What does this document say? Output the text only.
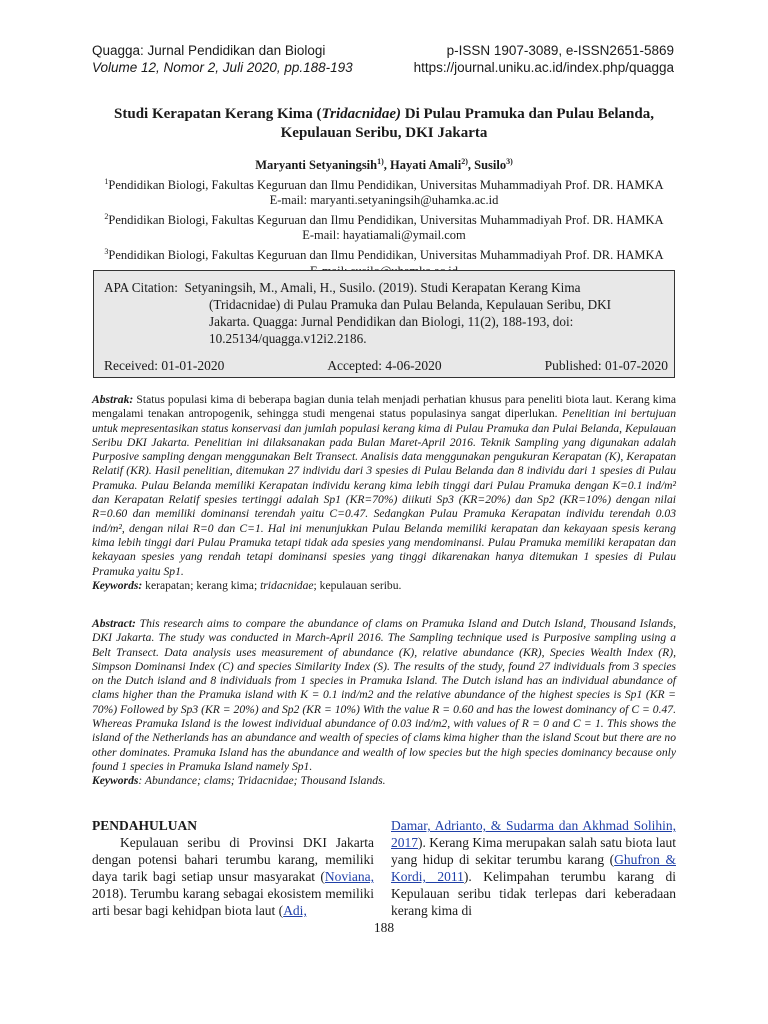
Quagga: Jurnal Pendidikan dan Biologi
Volume 12, Nomor 2, Juli 2020, pp.188-193
p-ISSN 1907-3089, e-ISSN2651-5869
https://journal.uniku.ac.id/index.php/quagga
Studi Kerapatan Kerang Kima (Tridacnidae) Di Pulau Pramuka dan Pulau Belanda,
Kepulauan Seribu, DKI Jakarta
Maryanti Setyaningsih$^{1)}$, Hayati Amali$^{2)}$, Susilo$^{3)}$
$^1$Pendidikan Biologi, Fakultas Keguruan dan Ilmu Pendidikan, Universitas Muhammadiyah Prof. DR. HAMKA
E-mail: maryanti.setyaningsih@uhamka.ac.id
$^2$Pendidikan Biologi, Fakultas Keguruan dan Ilmu Pendidikan, Universitas Muhammadiyah Prof. DR. HAMKA
E-mail: hayatiamali@ymail.com
$^3$Pendidikan Biologi, Fakultas Keguruan dan Ilmu Pendidikan, Universitas Muhammadiyah Prof. DR. HAMKA
APA Citation: Setyaningsih, M., Amali, H., Susilo. (2019). Studi Kerapatan Kerang Kima
(Tridacnidae) di Pulau Pramuka dan Pulau Belanda, Kepulauan Seribu, DKI
Jakarta. Quagga: Jurnal Pendidikan dan Biologi, 11(2), 188-193, doi:
10.25134/quagga.v12i2.2186.
Received: 01-01-2020	Accepted: 4-06-2020	Published: 01-07-2020
Abstrak: Status populasi kima di beberapa bagian dunia telah menjadi perhatian khusus para peneliti biota laut. Kerang kima mengalami tenakan antropogenik, sehingga studi mengenai status populasinya sangat diperlukan. Penelitian ini bertujuan untuk mepresentasikan status konservasi dan jumlah populasi kerang kima di Pulau Pramuka dan Pulai Belanda, Kepulauan Seribu DKI Jakarta. Penelitian ini dilaksanakan pada Bulan Maret-April 2016. Teknik Sampling yang digunakan adalah Purposive sampling dengan menggunakan Belt Transect. Analisis data menggunakan pengukuran Kerapatan (K), Kerapatan Relatif (KR). Hasil penelitian, ditemukan 27 individu dari 3 spesies di Pulau Belanda dan 8 individu dari 1 spesies di Pulau Pramuka. Pulau Belanda memiliki Kerapatan individu kerang kima lebih tinggi dari Pulau Pramuka dengan K=0.1 ind/m² dan Kerapatan Relatif spesies tertinggi adalah Sp1 (KR=70%) diikuti Sp3 (KR=20%) dan Sp2 (KR=10%) dengan nilai R=0.60 dan memiliki dominansi terendah yaitu C=0.47. Sedangkan Pulau Pramuka Kerapatan individu terendah 0.03 ind/m², dengan nilai R=0 dan C=1. Hal ini menunjukkan Pulau Belanda memiliki kerapatan dan kekayaan spesis kerang kima lebih tinggi dari Pulau Pramuka tetapi tidak ada spesies yang mendominansi. Pulau Pramuka memiliki kerapatan dan kekayaan spesies yang rendah tetapi dominansi spesies yang tinggi dikarenakan hanya ditemukan 1 spesies di Pulau Pramuka yaitu Sp1.
Keywords: kerapatan; kerang kima; tridacnidae; kepulauan seribu.
Abstract: This research aims to compare the abundance of clams on Pramuka Island and Dutch Island, Thousand Islands, DKI Jakarta. The study was conducted in March-April 2016. The Sampling technique used is Purposive sampling using a Belt Transect. Data analysis uses measurement of abundance (K), relative abundance (KR), Species Wealth Index (R), Simpson Dominansi Index (C) and species Similarity Index (S). The results of the study, found 27 individuals from 3 species on the Dutch island and 8 individuals from 1 species in Pramuka Island. The Dutch island has an individual abundance of clams higher than the Pramuka island with K = 0.1 ind/m2 and the relative abundance of the highest species is Sp1 (KR = 70%) Followed by Sp3 (KR = 20%) and Sp2 (KR = 10%) With the value R = 0.60 and has the lowest dominancy of C = 0.47. Whereas Pramuka Island is the lowest individual abundance of 0.03 ind/m2, with values of R = 0 and C = 1. This shows the island of the Netherlands has an abundance and wealth of species of clams kima higher than the island Scout but there are no other dominates. Pramuka Island has the abundance and wealth of low species but the high species dominancy because only found 1 species in Pramuka Island namely Sp1.
Keywords: Abundance; clams; Tridacnidae; Thousand Islands.
PENDAHULUAN

Kepulauan seribu di Provinsi DKI Jakarta dengan potensi bahari terumbu karang, memiliki daya tarik bagi setiap unsur masyarakat (Noviana, 2018). Terumbu karang sebagai ekosistem memiliki arti besar bagi kehidpan biota laut (Adi,

Damar, Adrianto, & Sudarma dan Akhmad Solihin, 2017). Kerang Kima merupakan salah satu biota laut yang hidup di sekitar terumbu karang (Ghufron & Kordi, 2011). Kelimpahan terumbu karang di Kepulauan seribu tidak terlepas dari keberadaan kerang kima di

188
